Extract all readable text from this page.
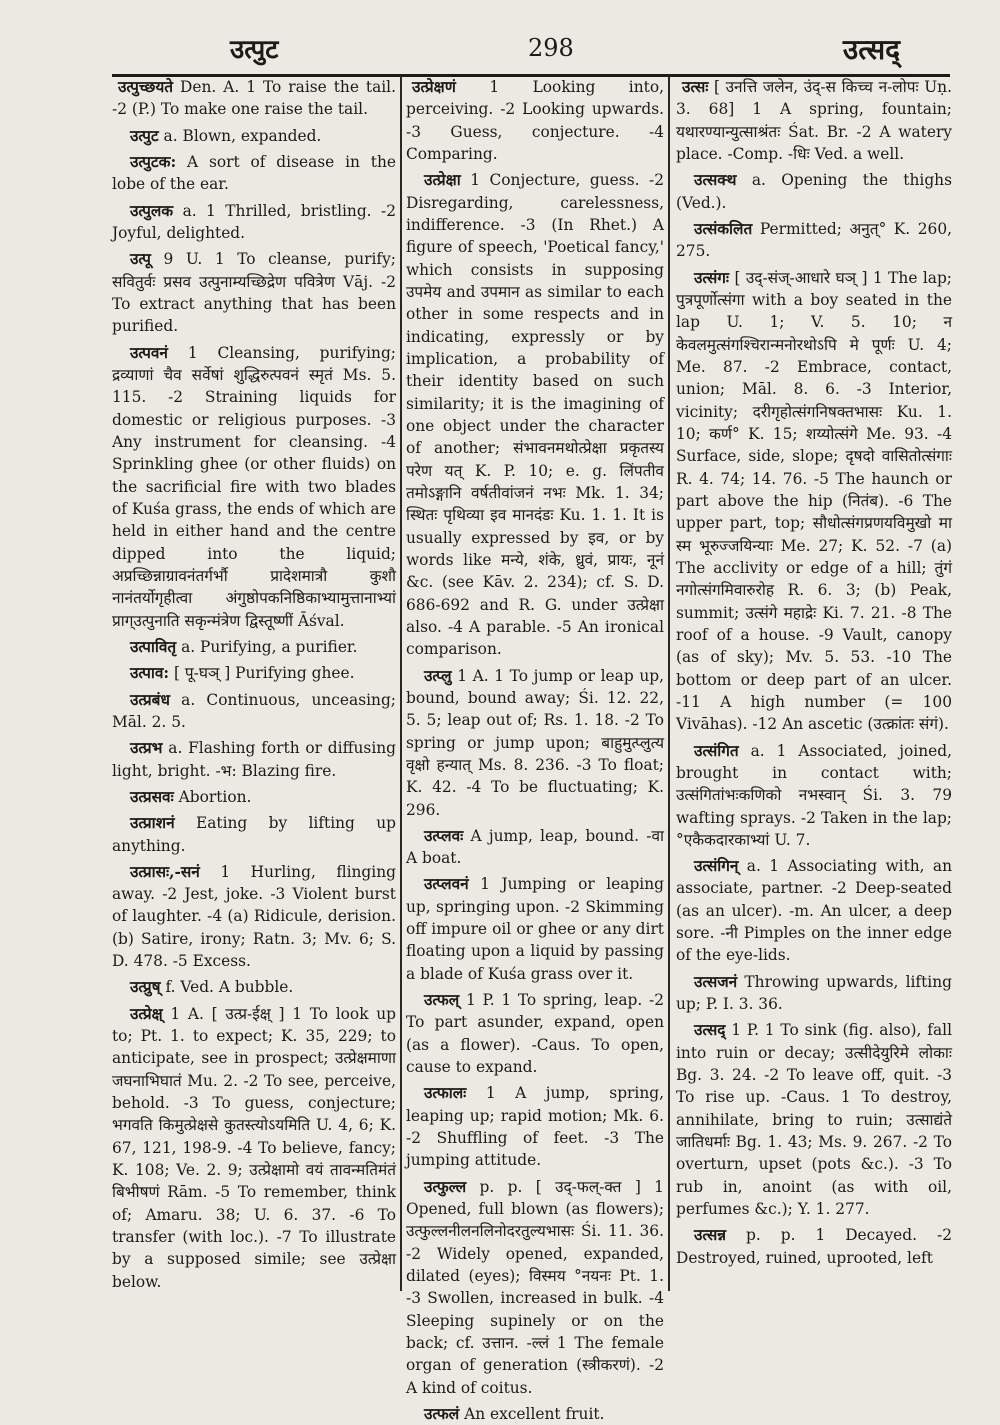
उत्पुट	298	उत्सद्

उत्पुच्छयते Den. A. 1 To raise the tail. -2 (P.) To make one raise the tail.

उत्पुट a. Blown, expanded.

उत्पुटक: A sort of disease in the lobe of the ear.

उत्पुलक a. 1 Thrilled, bristling. -2 Joyful, delighted.

उत्पू 9 U. 1 To cleanse, purify; सवितुर्वः प्रसव उत्पुनाम्यच्छिद्रेण पवित्रेण Vāj. -2 To extract anything that has been purified.

उत्पवनं 1 Cleansing, purifying; द्रव्याणां चैव सर्वेषां शुद्धिरुत्पवनं स्मृतं Ms. 5. 115. -2 Straining liquids for domestic or religious purposes. -3 Any instrument for cleansing. -4 Sprinkling ghee (or other fluids) on the sacrificial fire with two blades of Kuśa grass, the ends of which are held in either hand and the centre dipped into the liquid; अप्रच्छिन्नाग्रावनंतर्गर्भौ प्रादेशमात्रौ कुशौ नानंतर्योगृहीत्वा अंगुष्ठोपकनिष्ठिकाभ्यामुत्तानाभ्यां प्राग्उत्पुनाति सकृन्मंत्रेण द्विस्तूष्णीं Āśval.

उत्पावितृ a. Purifying, a purifier.

उत्पाव: [ पू-घञ् ] Purifying ghee.

उत्प्रबंध a. Continuous, unceasing; Māl. 2. 5.

उत्प्रभ a. Flashing forth or diffusing light, bright. -भ: Blazing fire.

उत्प्रसवः Abortion.

उत्प्राशनं Eating by lifting up anything.

उत्प्रासः,-सनं 1 Hurling, flinging away. -2 Jest, joke. -3 Violent burst of laughter. -4 (a) Ridicule, derision. (b) Satire, irony; Ratn. 3; Mv. 6; S. D. 478. -5 Excess.

उत्प्रुष् f. Ved. A bubble.

उत्प्रेक्ष् 1 A. [ उत्प्र-ईक्ष् ] 1 To look up to; Pt. 1. to expect; K. 35, 229; to anticipate, see in prospect; उत्प्रेक्षमाणा जघनाभिघातं Mu. 2. -2 To see, perceive, behold. -3 To guess, conjecture; भगवति किमुत्प्रेक्षसे कुतस्त्योऽयमिति U. 4, 6; K. 67, 121, 198-9. -4 To believe, fancy; K. 108; Ve. 2. 9; उत्प्रेक्षामो वयं तावन्मतिमंतं बिभीषणं Rām. -5 To remember, think of; Amaru. 38; U. 6. 37. -6 To transfer (with loc.). -7 To illustrate by a supposed simile; see उत्प्रेक्षा below.

उत्प्रेक्षणं 1 Looking into, perceiving. -2 Looking upwards. -3 Guess, conjecture. -4 Comparing.

उत्प्रेक्षा 1 Conjecture, guess. -2 Disregarding, carelessness, indifference. -3 (In Rhet.) A figure of speech, 'Poetical fancy,' which consists in supposing उपमेय and उपमान as similar to each other in some respects and in indicating, expressly or by implication, a probability of their identity based on such similarity; it is the imagining of one object under the character of another; संभावनमथोत्प्रेक्षा प्रकृतस्य परेण यत् K. P. 10; e. g. लिंपतीव तमोऽङ्गानि वर्षतीवांजनं नभः Mk. 1. 34; स्थितः पृथिव्या इव मानदंडः Ku. 1. 1. It is usually expressed by इव, or by words like मन्ये, शंके, ध्रुवं, प्रायः, नूनं &c. (see Kāv. 2. 234); cf. S. D. 686-692 and R. G. under उत्प्रेक्षा also. -4 A parable. -5 An ironical comparison.

उत्प्लु 1 A. 1 To jump or leap up, bound, bound away; Śi. 12. 22, 5. 5; leap out of; Rs. 1. 18. -2 To spring or jump upon; बाहुमुत्प्लुत्य वृक्षो हन्यात् Ms. 8. 236. -3 To float; K. 42. -4 To be fluctuating; K. 296.

उत्प्लवः A jump, leap, bound. -वा A boat.

उत्प्लवनं 1 Jumping or leaping up, springing upon. -2 Skimming off impure oil or ghee or any dirt floating upon a liquid by passing a blade of Kuśa grass over it.

उत्फल् 1 P. 1 To spring, leap. -2 To part asunder, expand, open (as a flower). -Caus. To open, cause to expand.

उत्फालः 1 A jump, spring, leaping up; rapid motion; Mk. 6. -2 Shuffling of feet. -3 The jumping attitude.

उत्फुल्ल p. p. [ उद्-फल्-क्त ] 1 Opened, full blown (as flowers); उत्फुल्लनीलनलिनोदरतुल्यभासः Śi. 11. 36. -2 Widely opened, expanded, dilated (eyes); विस्मय °नयनः Pt. 1. -3 Swollen, increased in bulk. -4 Sleeping supinely or on the back; cf. उत्तान. -ल्लं 1 The female organ of generation (स्त्रीकरणं). -2 A kind of coitus.

उत्फलं An excellent fruit.

उत्सः [ उनत्ति जलेन, उंद्-स किच्च न-लोपः Uṇ. 3. 68] 1 A spring, fountain; यथारण्यान्युत्साश्रंतः Śat. Br. -2 A watery place. -Comp. -धिः Ved. a well.

उत्सक्थ a. Opening the thighs (Ved.).

उत्संकलित Permitted; अनुत्° K. 260, 275.

उत्संगः [ उद्-संज्-आधारे घञ् ] 1 The lap; पुत्रपूर्णोत्संगा with a boy seated in the lap U. 1; V. 5. 10; न केवलमुत्संगश्चिरान्मनोरथोऽपि मे पूर्णः U. 4; Me. 87. -2 Embrace, contact, union; Māl. 8. 6. -3 Interior, vicinity; दरीगृहोत्संगनिषक्तभासः Ku. 1. 10; कर्ण° K. 15; शय्योत्संगे Me. 93. -4 Surface, side, slope; दृषदो वासितोत्संगाः R. 4. 74; 14. 76. -5 The haunch or part above the hip (नितंब). -6 The upper part, top; सौधोत्संगप्रणयविमुखो मा स्म भूरुज्जयिन्याः Me. 27; K. 52. -7 (a) The acclivity or edge of a hill; तुंगं नगोत्संगमिवारुरोह R. 6. 3; (b) Peak, summit; उत्संगे महाद्रेः Ki. 7. 21. -8 The roof of a house. -9 Vault, canopy (as of sky); Mv. 5. 53. -10 The bottom or deep part of an ulcer. -11 A high number (= 100 Vivāhas). -12 An ascetic (उत्क्रांतः संगं).

उत्संगित a. 1 Associated, joined, brought in contact with; उत्संगितांभःकणिको नभस्वान् Śi. 3. 79 wafting sprays. -2 Taken in the lap; °एकैकदारकाभ्यां U. 7.

उत्संगिन् a. 1 Associating with, an associate, partner. -2 Deep-seated (as an ulcer). -m. An ulcer, a deep sore. -नी Pimples on the inner edge of the eye-lids.

उत्सजनं Throwing upwards, lifting up; P. I. 3. 36.

उत्सद् 1 P. 1 To sink (fig. also), fall into ruin or decay; उत्सीदेयुरिमे लोकाः Bg. 3. 24. -2 To leave off, quit. -3 To rise up. -Caus. 1 To destroy, annihilate, bring to ruin; उत्साद्यंते जातिधर्माः Bg. 1. 43; Ms. 9. 267. -2 To overturn, upset (pots &c.). -3 To rub in, anoint (as with oil, perfumes &c.); Y. 1. 277.

उत्सन्न p. p. 1 Decayed. -2 Destroyed, ruined, uprooted, left
